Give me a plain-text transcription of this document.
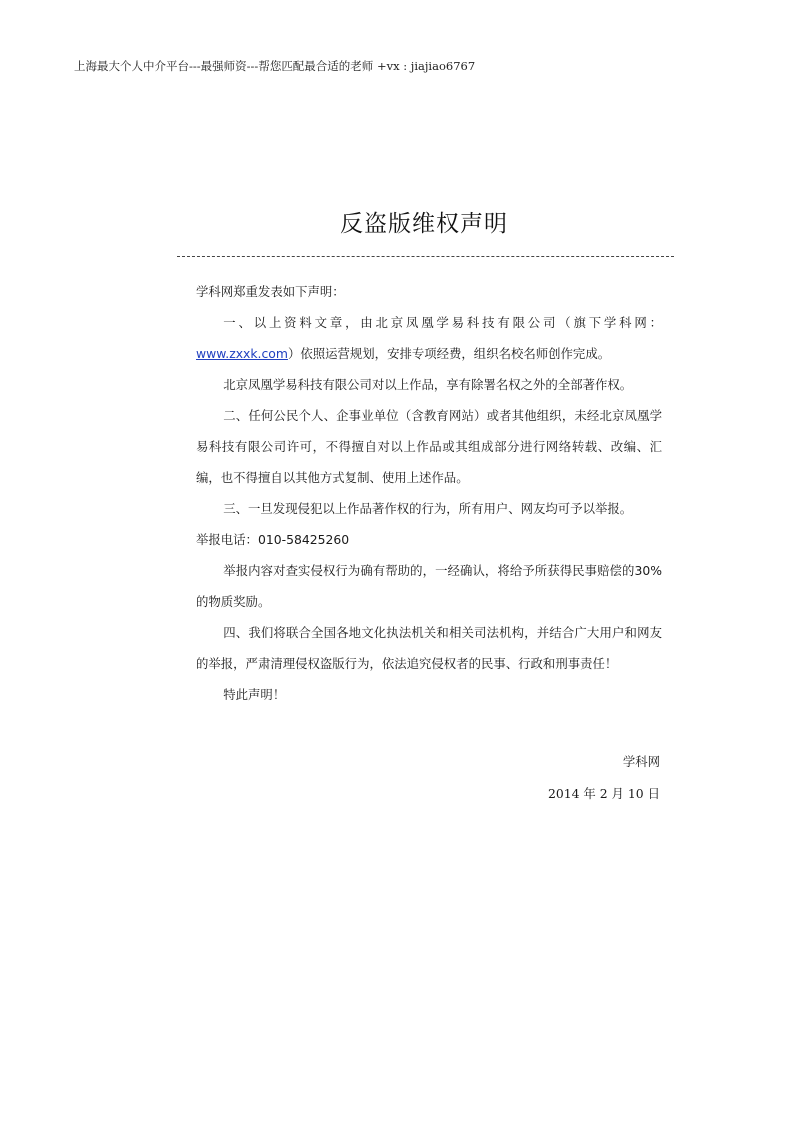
上海最大个人中介平台---最强师资---帮您匹配最合适的老师 +vx : jiajiao6767
反盗版维权声明

学科网郑重发表如下声明：

一、以上资料文章，由北京凤凰学易科技有限公司（旗下学科网：www.zxxk.com）依照运营规划，安排专项经费，组织名校名师创作完成。

北京凤凰学易科技有限公司对以上作品，享有除署名权之外的全部著作权。

二、任何公民个人、企事业单位（含教育网站）或者其他组织，未经北京凤凰学易科技有限公司许可，不得擅自对以上作品或其组成部分进行网络转载、改编、汇编，也不得擅自以其他方式复制、使用上述作品。

三、一旦发现侵犯以上作品著作权的行为，所有用户、网友均可予以举报。

举报电话：010-58425260

举报内容对查实侵权行为确有帮助的，一经确认，将给予所获得民事赔偿的30%的物质奖励。

四、我们将联合全国各地文化执法机关和相关司法机构，并结合广大用户和网友的举报，严肃清理侵权盗版行为，依法追究侵权者的民事、行政和刑事责任！

特此声明！

学科网
2014 年 2 月 10 日
